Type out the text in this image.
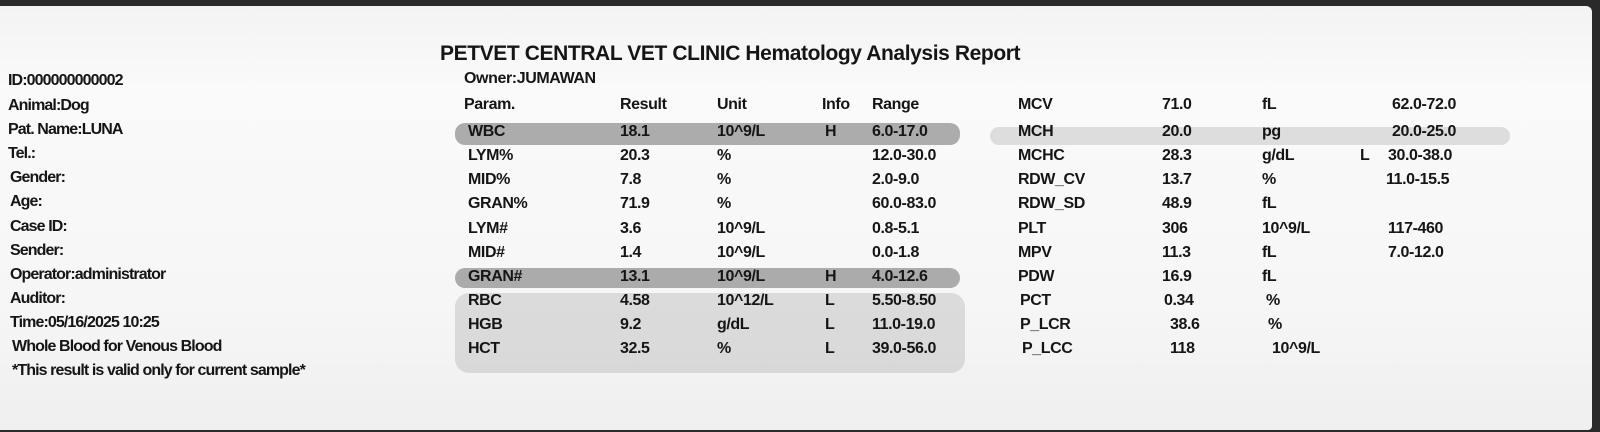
PETVET CENTRAL VET CLINIC Hematology Analysis Report
Owner:JUMAWAN
ID:000000000002
Animal:Dog
Pat. Name:LUNA
Tel.:
Gender:
Age:
Case ID:
Sender:
Operator:administrator
Auditor:
Time:05/16/2025 10:25
Whole Blood for Venous Blood
*This result is valid only for current sample*
Param.	Result	Unit	Info Range
WBC	18.1	10^9/L	H 6.0-17.0
LYM%	20.3	%	12.0-30.0
MID%	7.8	%	2.0-9.0
GRAN%	71.9	%	60.0-83.0
LYM#	3.6	10^9/L	0.8-5.1
MID#	1.4	10^9/L	0.0-1.8
GRAN#	13.1	10^9/L	H 4.0-12.6
RBC	4.58	10^12/L	L 5.50-8.50
HGB	9.2	g/dL	L 11.0-19.0
HCT	32.5	%	L 39.0-56.0
MCV	71.0	fL	62.0-72.0
MCH	20.0	pg	20.0-25.0
MCHC	28.3	g/dL	L 30.0-38.0
RDW_CV	13.7	%	11.0-15.5
RDW_SD	48.9	fL
PLT	306	10^9/L	117-460
MPV	11.3	fL	7.0-12.0
PDW	16.9	fL
PCT	0.34	%
P_LCR	38.6	%
P_LCC	118	10^9/L
